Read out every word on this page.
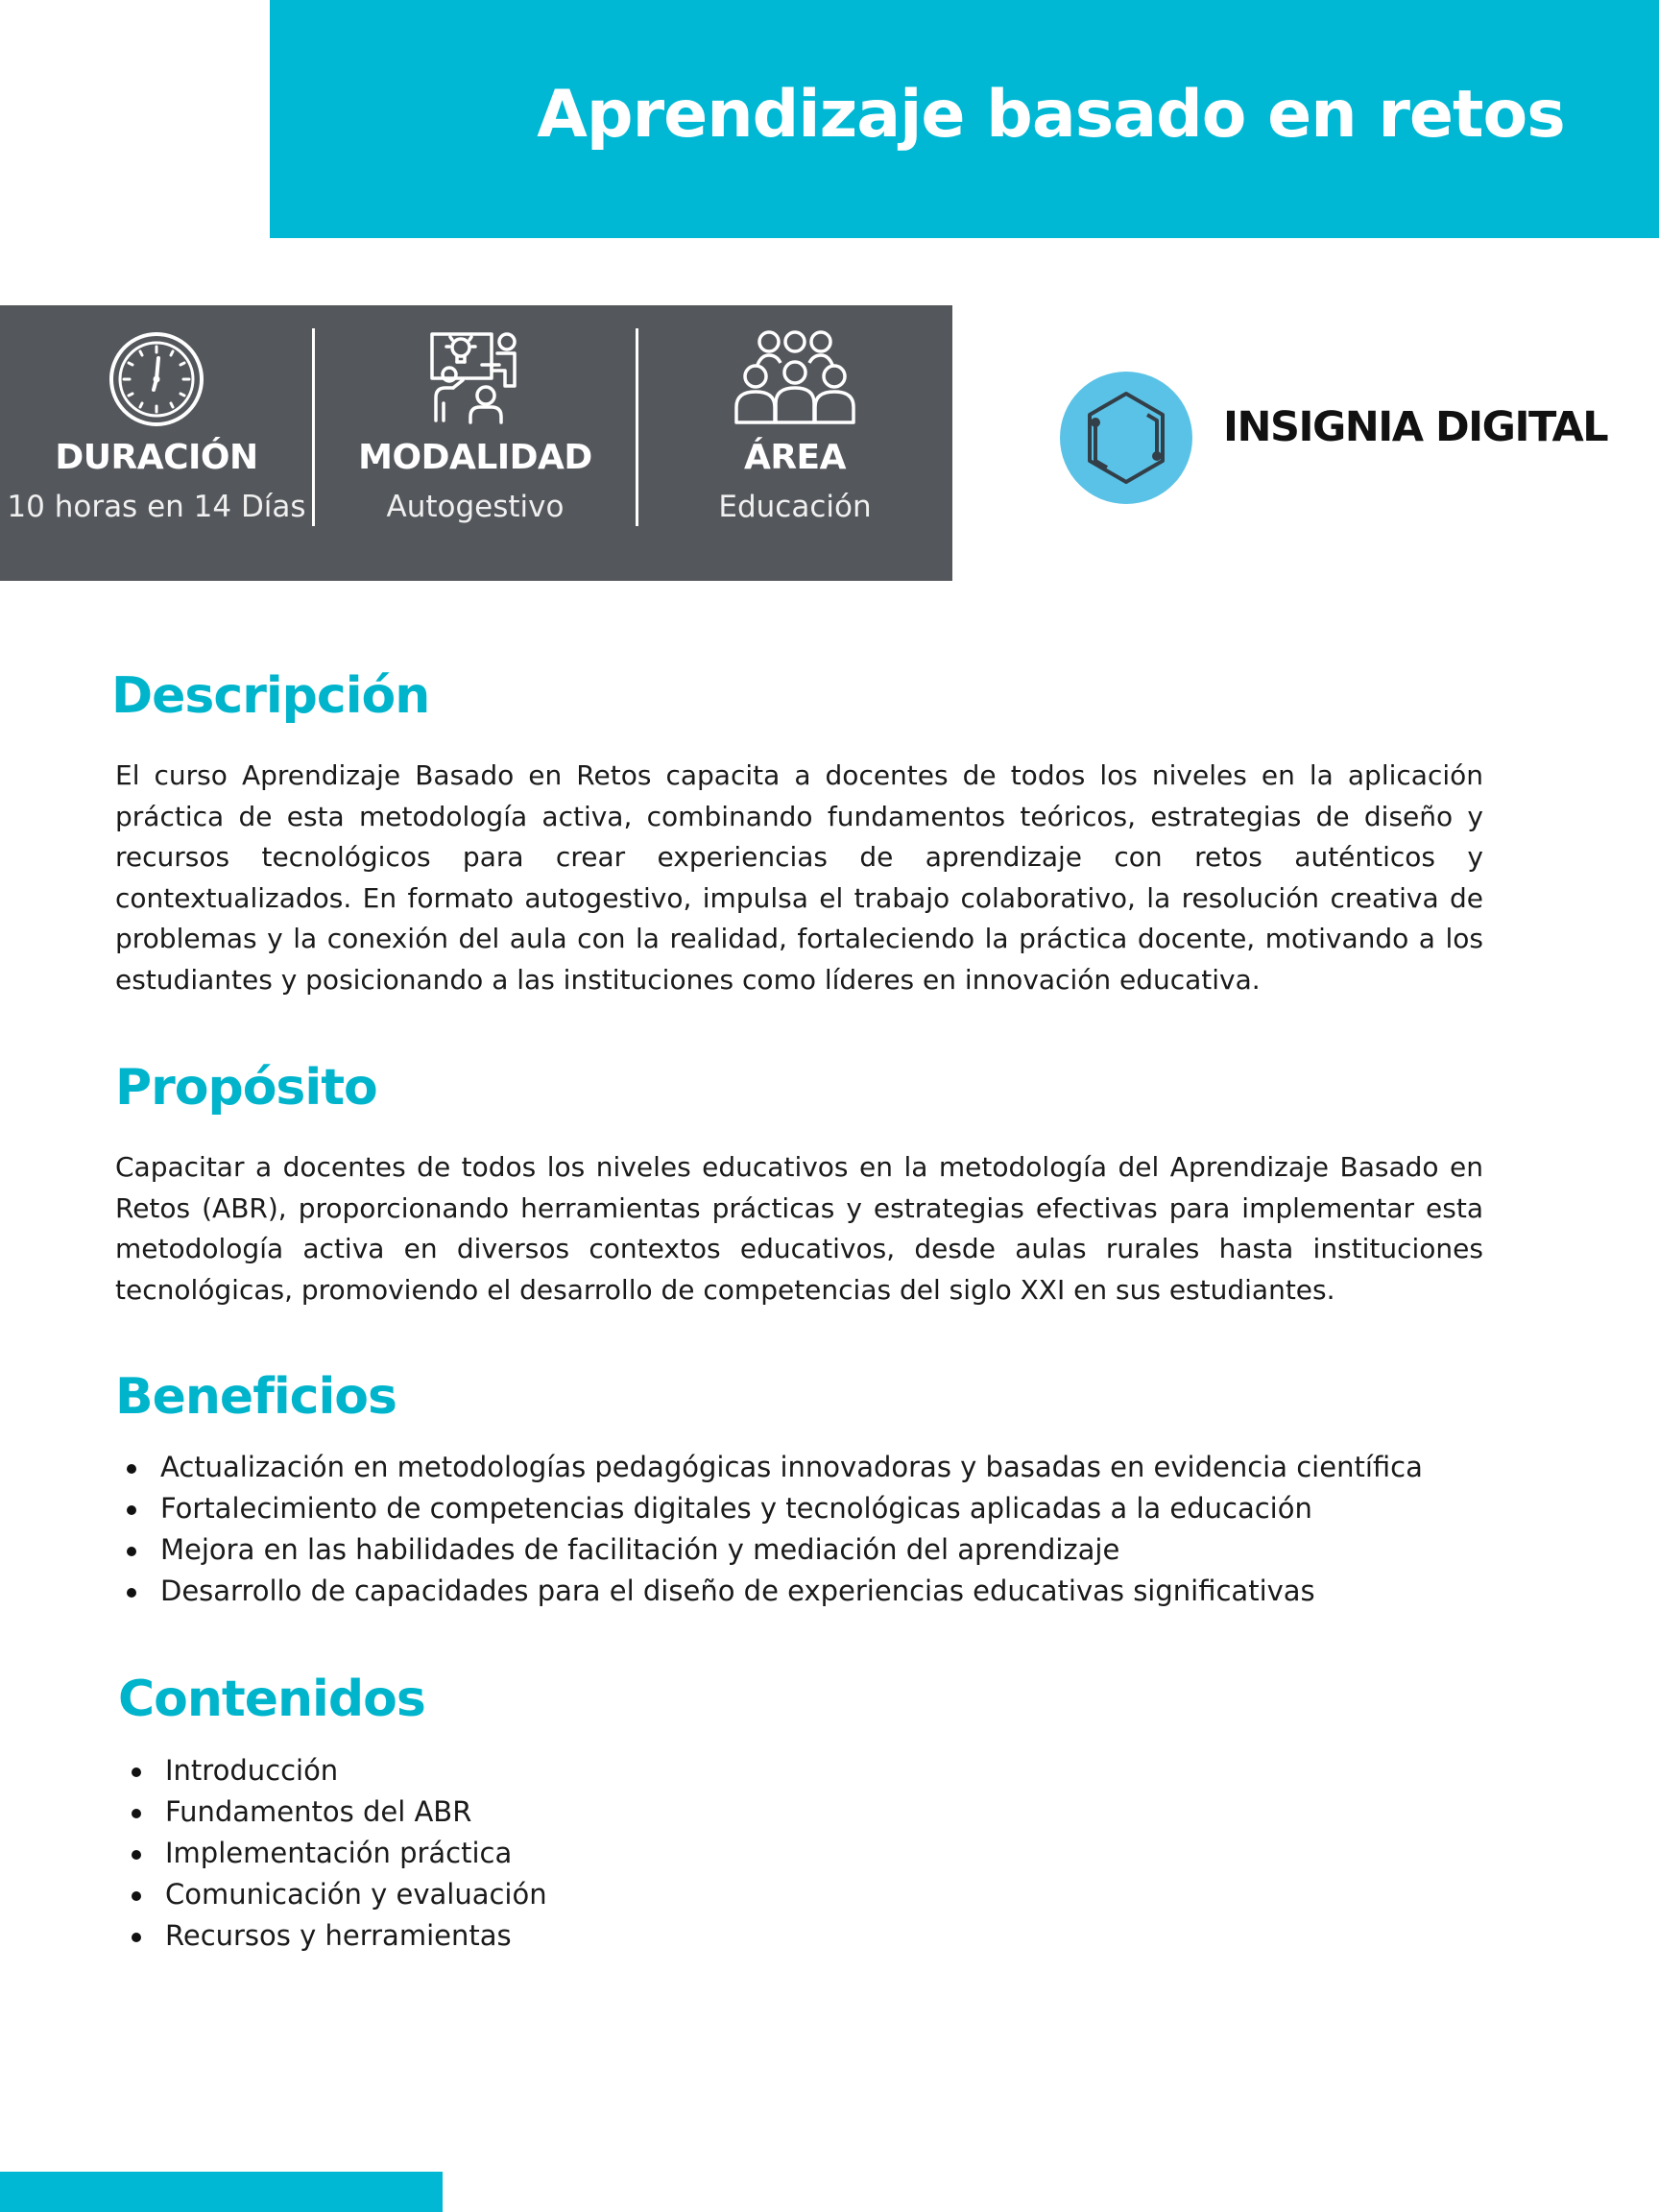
Aprendizaje basado en retos
DURACIÓN
10 horas en 14 Días
MODALIDAD
Autogestivo
ÁREA
Educación
INSIGNIA DIGITAL
Descripción

El curso Aprendizaje Basado en Retos capacita a docentes de todos los niveles en la aplicación práctica de esta metodología activa, combinando fundamentos teóricos, estrategias de diseño y recursos tecnológicos para crear experiencias de aprendizaje con retos auténticos y contextualizados. En formato autogestivo, impulsa el trabajo colaborativo, la resolución creativa de problemas y la conexión del aula con la realidad, fortaleciendo la práctica docente, motivando a los estudiantes y posicionando a las instituciones como líderes en innovación educativa.

Propósito

Capacitar a docentes de todos los niveles educativos en la metodología del Aprendizaje Basado en Retos (ABR), proporcionando herramientas prácticas y estrategias efectivas para implementar esta metodología activa en diversos contextos educativos, desde aulas rurales hasta instituciones tecnológicas, promoviendo el desarrollo de competencias del siglo XXI en sus estudiantes.

Beneficios
Actualización en metodologías pedagógicas innovadoras y basadas en evidencia científica
Fortalecimiento de competencias digitales y tecnológicas aplicadas a la educación
Mejora en las habilidades de facilitación y mediación del aprendizaje
Desarrollo de capacidades para el diseño de experiencias educativas significativas
Contenidos
Introducción
Fundamentos del ABR
Implementación práctica
Comunicación y evaluación
Recursos y herramientas
